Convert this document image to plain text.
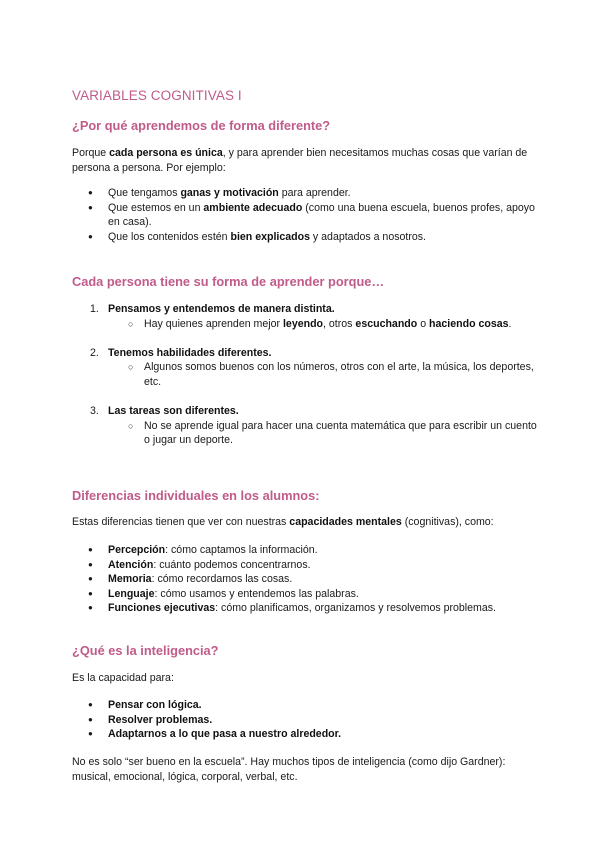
VARIABLES COGNITIVAS I
¿Por qué aprendemos de forma diferente?

Porque cada persona es única, y para aprender bien necesitamos muchas cosas que varían de persona a persona. Por ejemplo:

● Que tengamos ganas y motivación para aprender.
● Que estemos en un ambiente adecuado (como una buena escuela, buenos profes, apoyo en casa).
● Que los contenidos estén bien explicados y adaptados a nosotros.
Cada persona tiene su forma de aprender porque…
1. Pensamos y entendemos de manera distinta.
○ Hay quienes aprenden mejor leyendo, otros escuchando o haciendo cosas.
2. Tenemos habilidades diferentes.
○ Algunos somos buenos con los números, otros con el arte, la música, los deportes, etc.
3. Las tareas son diferentes.
○ No se aprende igual para hacer una cuenta matemática que para escribir un cuento o jugar un deporte.
Diferencias individuales en los alumnos:

Estas diferencias tienen que ver con nuestras capacidades mentales (cognitivas), como:

● Percepción: cómo captamos la información.
● Atención: cuánto podemos concentrarnos.
● Memoria: cómo recordamos las cosas.
● Lenguaje: cómo usamos y entendemos las palabras.
● Funciones ejecutivas: cómo planificamos, organizamos y resolvemos problemas.
¿Qué es la inteligencia?

Es la capacidad para:

● Pensar con lógica.
● Resolver problemas.
● Adaptarnos a lo que pasa a nuestro alrededor.

No es solo “ser bueno en la escuela”. Hay muchos tipos de inteligencia (como dijo Gardner): musical, emocional, lógica, corporal, verbal, etc.
